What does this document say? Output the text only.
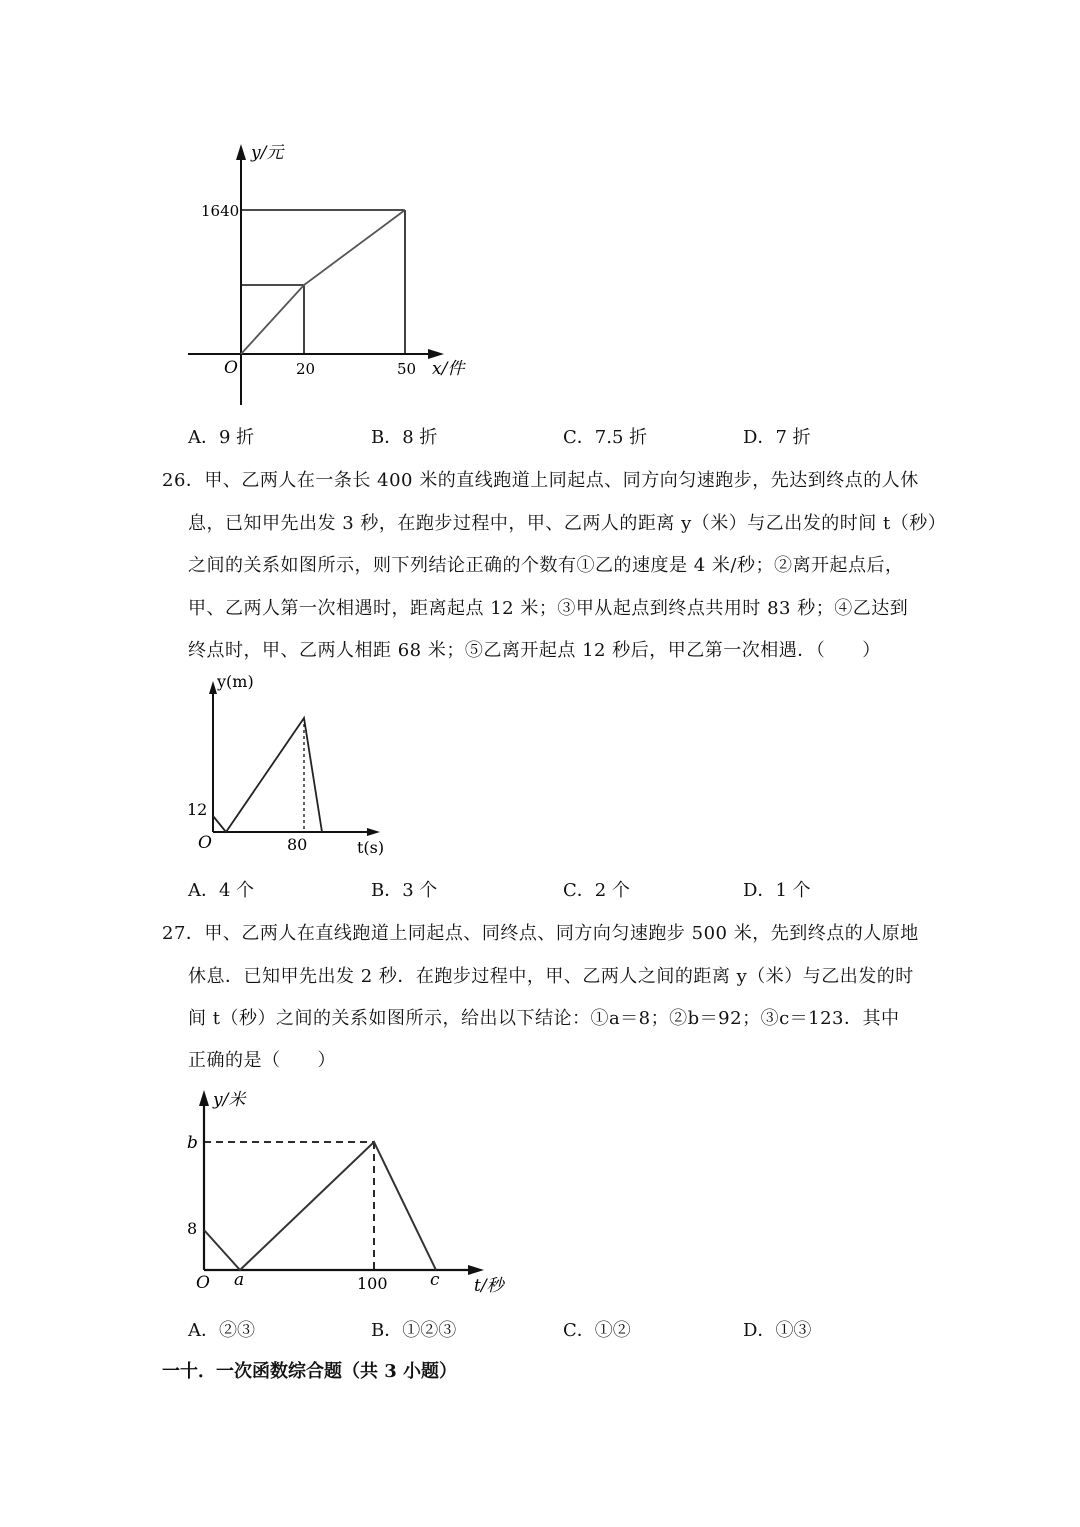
y/元
1640
O	20	50 x/件
A．9 折	B．8 折	C．7.5 折	D．7 折
26．甲、乙两人在一条长 400 米的直线跑道上同起点、同方向匀速跑步，先达到终点的人休
息，已知甲先出发 3 秒，在跑步过程中，甲、乙两人的距离 y（米）与乙出发的时间 t（秒）
之间的关系如图所示，则下列结论正确的个数有①乙的速度是 4 米/秒；②离开起点后，
甲、乙两人第一次相遇时，距离起点 12 米；③甲从起点到终点共用时 83 秒；④乙达到
终点时，甲、乙两人相距 68 米；⑤乙离开起点 12 秒后，甲乙第一次相遇．（　　）
y(m)
12
O	80	t(s)
A．4 个	B．3 个	C．2 个	D．1 个
27．甲、乙两人在直线跑道上同起点、同终点、同方向匀速跑步 500 米，先到终点的人原地
休息．已知甲先出发 2 秒．在跑步过程中，甲、乙两人之间的距离 y（米）与乙出发的时
间 t（秒）之间的关系如图所示，给出以下结论：①a＝8；②b＝92；③c＝123．其中
正确的是（　　）
y/米
b
8
O a	100 c t/秒
A．②③	B．①②③	C．①②	D．①③
一十．一次函数综合题（共 3 小题）
